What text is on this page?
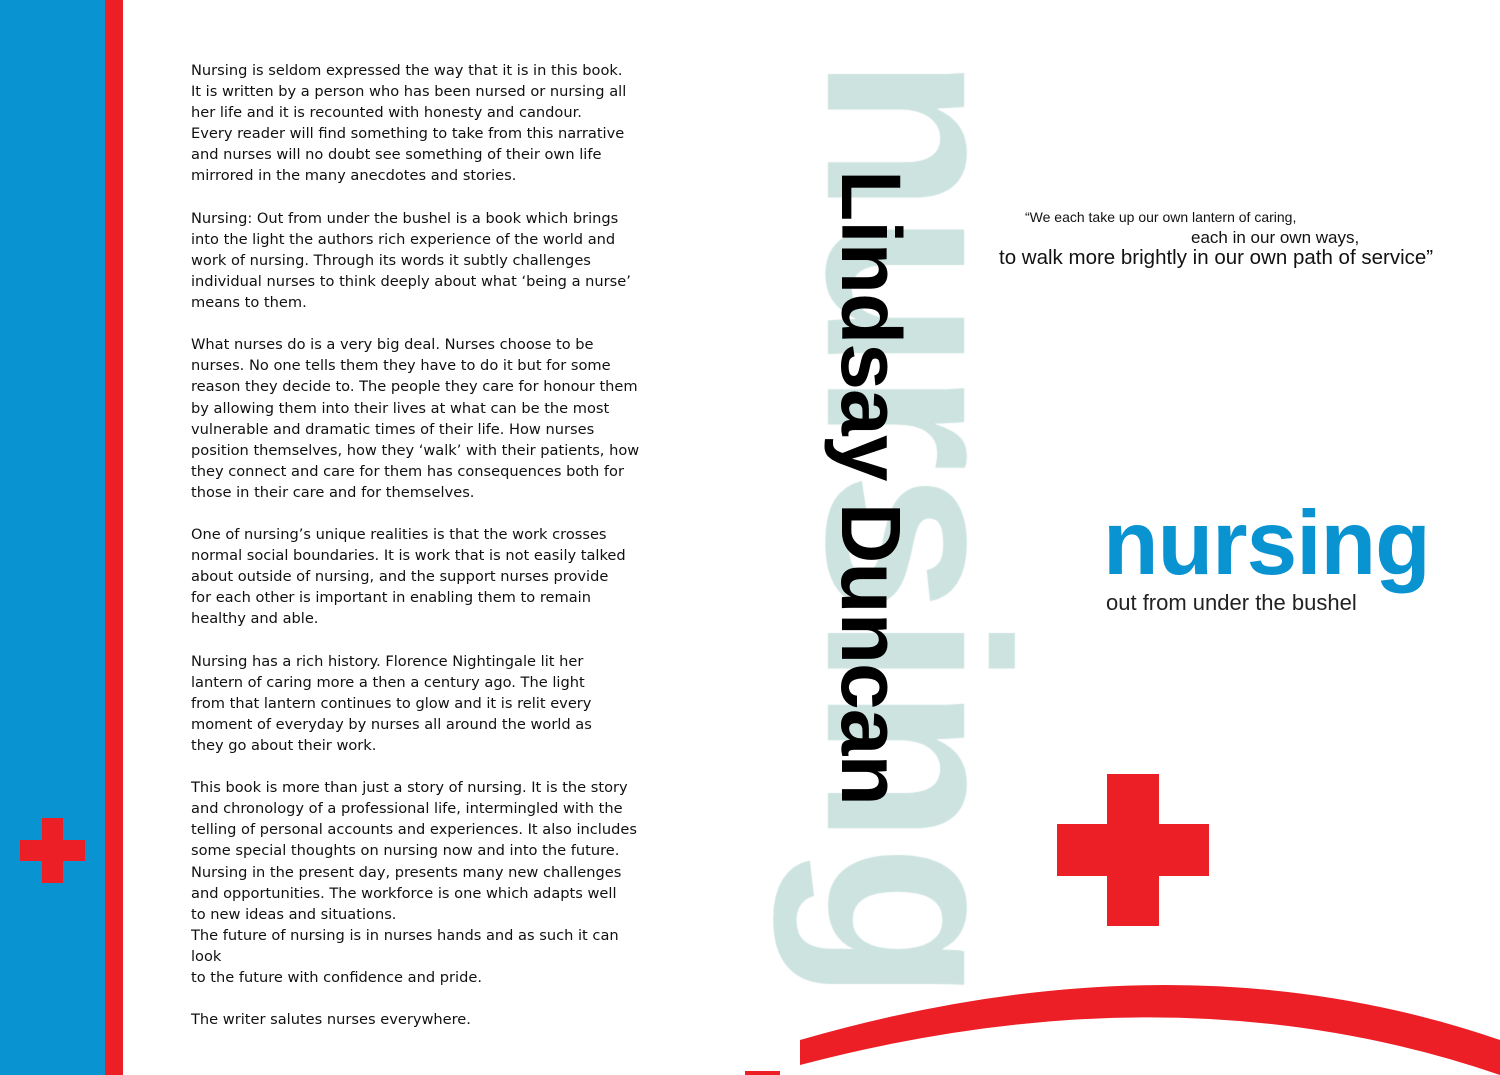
Nursing is seldom expressed the way that it is in this book.
It is written by a person who has been nursed or nursing all
her life and it is recounted with honesty and candour.
Every reader will find something to take from this narrative
and nurses will no doubt see something of their own life
mirrored in the many anecdotes and stories.

Nursing: Out from under the bushel is a book which brings
into the light the authors rich experience of the world and
work of nursing. Through its words it subtly challenges
individual nurses to think deeply about what ‘being a nurse’
means to them.

What nurses do is a very big deal. Nurses choose to be
nurses. No one tells them they have to do it but for some
reason they decide to. The people they care for honour them
by allowing them into their lives at what can be the most
vulnerable and dramatic times of their life. How nurses
position themselves, how they ‘walk’ with their patients, how
they connect and care for them has consequences both for
those in their care and for themselves.

One of nursing’s unique realities is that the work crosses
normal social boundaries. It is work that is not easily talked
about outside of nursing, and the support nurses provide
for each other is important in enabling them to remain
healthy and able.

Nursing has a rich history. Florence Nightingale lit her
lantern of caring more a then a century ago. The light
from that lantern continues to glow and it is relit every
moment of everyday by nurses all around the world as
they go about their work.

This book is more than just a story of nursing. It is the story
and chronology of a professional life, intermingled with the
telling of personal accounts and experiences. It also includes
some special thoughts on nursing now and into the future.
Nursing in the present day, presents many new challenges
and opportunities. The workforce is one which adapts well
to new ideas and situations.
The future of nursing is in nurses hands and as such it can look
to the future with confidence and pride.

The writer salutes nurses everywhere.

Lindsay Duncan	“We each take up our own lantern of caring,
each in our own ways,
to walk more brightly in our own path of service”
nursing
out from under the bushel
